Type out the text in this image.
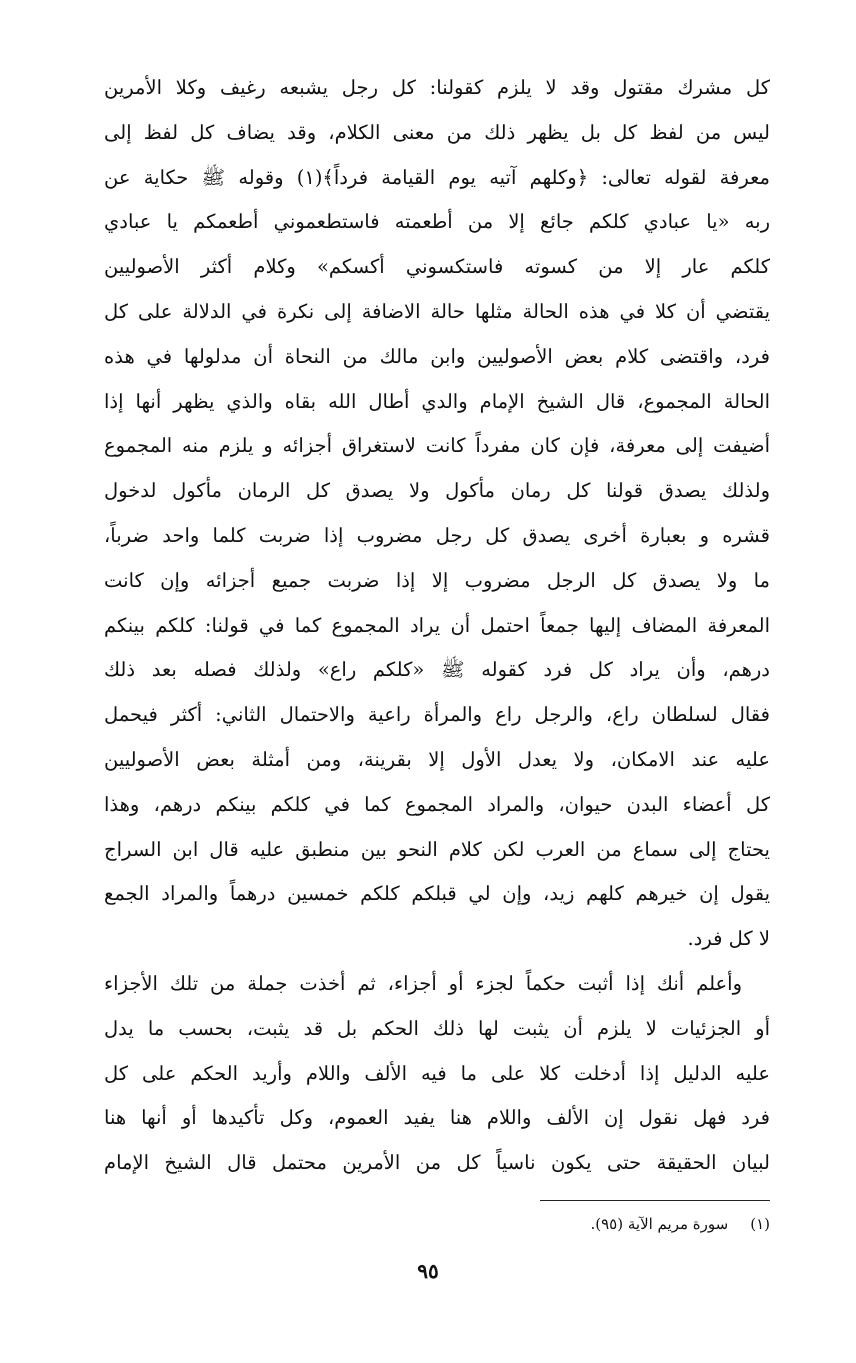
كل مشرك مقتول وقد لا يلزم كقولنا: كل رجل يشبعه رغيف وكلا الأمرين
ليس من لفظ كل بل يظهر ذلك من معنى الكلام، وقد يضاف كل لفظ إلى
معرفة لقوله تعالى: ﴿وكلهم آتيه يوم القيامة فرداً﴾(١) وقوله ﷺ حكاية عن
ربه «يا عبادي كلكم جائع إلا من أطعمته فاستطعموني أطعمكم يا عبادي
كلكم عار إلا من كسوته فاستكسوني أكسكم» وكلام أكثر الأصوليين
يقتضي أن كلا في هذه الحالة مثلها حالة الاضافة إلى نكرة في الدلالة على كل
فرد، واقتضى كلام بعض الأصوليين وابن مالك من النحاة أن مدلولها في هذه
الحالة المجموع، قال الشيخ الإمام والدي أطال الله بقاه والذي يظهر أنها إذا
أضيفت إلى معرفة، فإن كان مفرداً كانت لاستغراق أجزائه و يلزم منه المجموع
ولذلك يصدق قولنا كل رمان مأكول ولا يصدق كل الرمان مأكول لدخول
قشره و بعبارة أخرى يصدق كل رجل مضروب إذا ضربت كلما واحد ضرباً،
ما ولا يصدق كل الرجل مضروب إلا إذا ضربت جميع أجزائه وإن كانت
المعرفة المضاف إليها جمعاً احتمل أن يراد المجموع كما في قولنا: كلكم بينكم
درهم، وأن يراد كل فرد كقوله ﷺ «كلكم راع» ولذلك فصله بعد ذلك
فقال لسلطان راع، والرجل راع والمرأة راعية والاحتمال الثاني: أكثر فيحمل
عليه عند الامكان، ولا يعدل الأول إلا بقرينة، ومن أمثلة بعض الأصوليين
كل أعضاء البدن حيوان، والمراد المجموع كما في كلكم بينكم درهم، وهذا
يحتاج إلى سماع من العرب لكن كلام النحو بين منطبق عليه قال ابن السراج
يقول إن خيرهم كلهم زيد، وإن لي قبلكم كلكم خمسين درهماً والمراد الجمع
لا كل فرد.
وأعلم أنك إذا أثبت حكماً لجزء أو أجزاء، ثم أخذت جملة من تلك الأجزاء
أو الجزئيات لا يلزم أن يثبت لها ذلك الحكم بل قد يثبت، بحسب ما يدل
عليه الدليل إذا أدخلت كلا على ما فيه الألف واللام وأريد الحكم على كل
فرد فهل نقول إن الألف واللام هنا يفيد العموم، وكل تأكيدها أو أنها هنا
لبيان الحقيقة حتى يكون ناسياً كل من الأمرين محتمل قال الشيخ الإمام
(١)سورة مريم الآية (٩٥).
٩٥
